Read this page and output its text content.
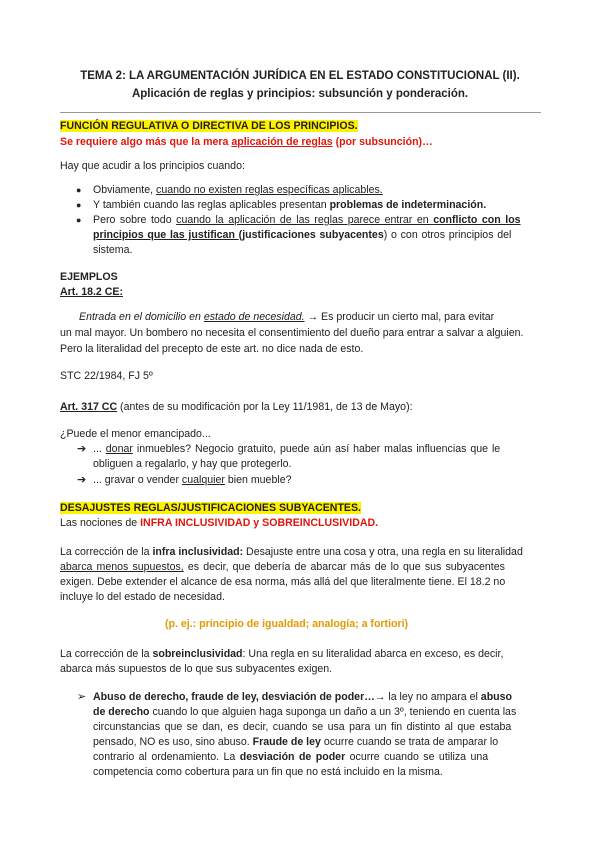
TEMA 2: LA ARGUMENTACIÓN JURÍDICA EN EL ESTADO CONSTITUCIONAL (II).
Aplicación de reglas y principios: subsunción y ponderación.
FUNCIÓN REGULATIVA O DIRECTIVA DE LOS PRINCIPIOS.
Se requiere algo más que la mera aplicación de reglas (por subsunción)…
Hay que acudir a los principios cuando:
● Obviamente, cuando no existen reglas específicas aplicables.
● Y también cuando las reglas aplicables presentan problemas de indeterminación.
● Pero sobre todo cuando la aplicación de las reglas parece entrar en conflicto con los
principios que las justifican (justificaciones subyacentes) o con otros principios del
sistema.
EJEMPLOS
Art. 18.2 CE:
Entrada en el domicilio en estado de necesidad. → Es producir un cierto mal, para evitar
un mal mayor. Un bombero no necesita el consentimiento del dueño para entrar a salvar a alguien.
Pero la literalidad del precepto de este art. no dice nada de esto.
STC 22/1984, FJ 5º
Art. 317 CC (antes de su modificación por la Ley 11/1981, de 13 de Mayo):
¿Puede el menor emancipado...
➔ ... donar inmuebles? Negocio gratuito, puede aún así haber malas influencias que le
obliguen a regalarlo, y hay que protegerlo.
➔ ... gravar o vender cualquier bien mueble?
DESAJUSTES REGLAS/JUSTIFICACIONES SUBYACENTES.
Las nociones de INFRA INCLUSIVIDAD y SOBREINCLUSIVIDAD.
La corrección de la infra inclusividad: Desajuste entre una cosa y otra, una regla en su literalidad
abarca menos supuestos, es decir, que debería de abarcar más de lo que sus subyacentes
exigen. Debe extender el alcance de esa norma, más allá del que literalmente tiene. El 18.2 no
incluye lo del estado de necesidad.
(p. ej.: principio de igualdad; analogía; a fortiori)
La corrección de la sobreinclusividad: Una regla en su literalidad abarca en exceso, es decir,
abarca más supuestos de lo que sus subyacentes exigen.
➢ Abuso de derecho, fraude de ley, desviación de poder…→ la ley no ampara el abuso
de derecho cuando lo que alguien haga suponga un daño a un 3º, teniendo en cuenta las
circunstancias que se dan, es decir, cuando se usa para un fin distinto al que estaba
pensado, NO es uso, sino abuso. Fraude de ley ocurre cuando se trata de amparar lo
contrario al ordenamiento. La desviación de poder ocurre cuando se utiliza una
competencia como cobertura para un fin que no está incluido en la misma.
